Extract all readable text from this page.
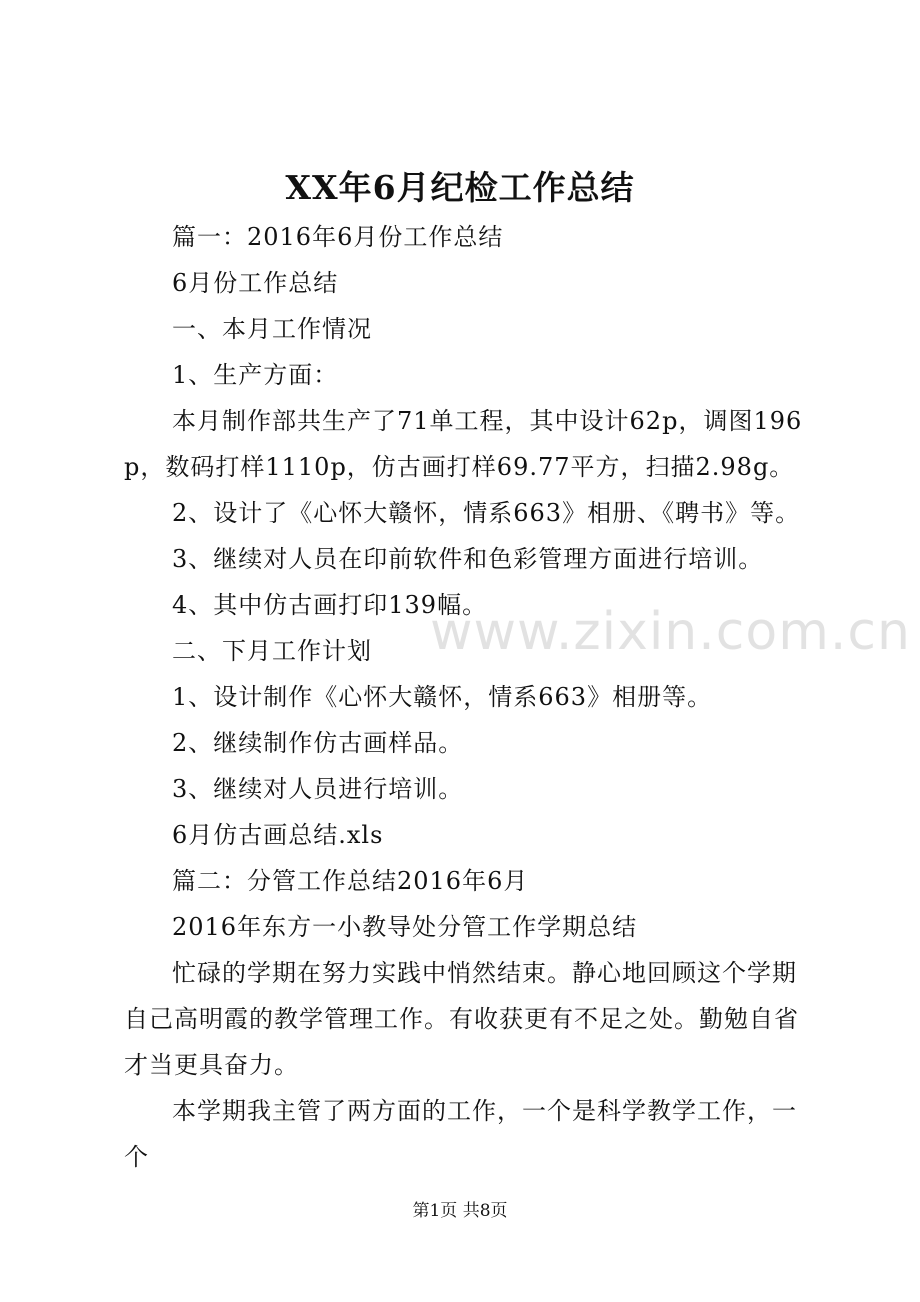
XX年6月纪检工作总结

篇一：2016年6月份工作总结

6月份工作总结

一、本月工作情况

1、生产方面：

本月制作部共生产了71单工程，其中设计62p，调图196p，数码打样1110p，仿古画打样69.77平方，扫描2.98g。

2、设计了《心怀大赣怀，情系663》相册、《聘书》等。

3、继续对人员在印前软件和色彩管理方面进行培训。

4、其中仿古画打印139幅。

二、下月工作计划

1、设计制作《心怀大赣怀，情系663》相册等。

2、继续制作仿古画样品。

3、继续对人员进行培训。

6月仿古画总结.xls

篇二：分管工作总结2016年6月

2016年东方一小教导处分管工作学期总结

忙碌的学期在努力实践中悄然结束。静心地回顾这个学期自己高明霞的教学管理工作。有收获更有不足之处。勤勉自省才当更具奋力。

本学期我主管了两方面的工作，一个是科学教学工作，一个

www.zixin.com.cn
第1页 共8页
